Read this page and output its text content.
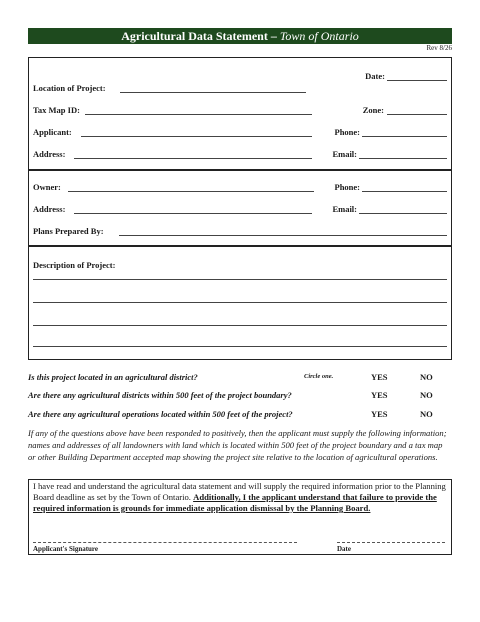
Agricultural Data Statement – Town of Ontario
Rev 8/26
Date:
Location of Project:
Tax Map ID:	Zone:
Applicant:	Phone:
Address:	Email:
Owner:	Phone:
Address:	Email:
Plans Prepared By:
Description of Project:
Is this project located in an agricultural district?	Circle one.	YES	NO
Are there any agricultural districts within 500 feet of the project boundary?	YES	NO
Are there any agricultural operations located within 500 feet of the project?	YES	NO
If any of the questions above have been responded to positively, then the applicant must supply the following information; names and addresses of all landowners with land which is located within 500 feet of the project boundary and a tax map or other Building Department accepted map showing the project site relative to the location of agricultural operations.
I have read and understand the agricultural data statement and will supply the required information prior to the Planning Board deadline as set by the Town of Ontario. Additionally, I the applicant understand that failure to provide the required information is grounds for immediate application dismissal by the Planning Board.
Applicant's Signature	Date
